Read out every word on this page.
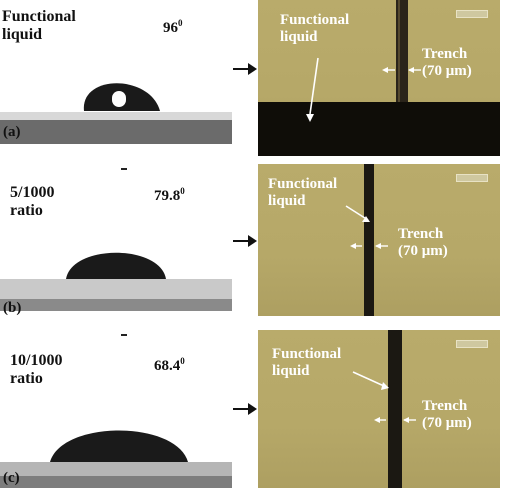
Functional
liquid	$96^0$
(a)
Functional
liquid
Trench
(70 μm)
5/1000
ratio
79.8$^0$
(b)
Functional
liquid
Trench
(70 μm)
10/1000
ratio
68.4$^0$
(c)
Functional
liquid
Trench
(70 μm)
